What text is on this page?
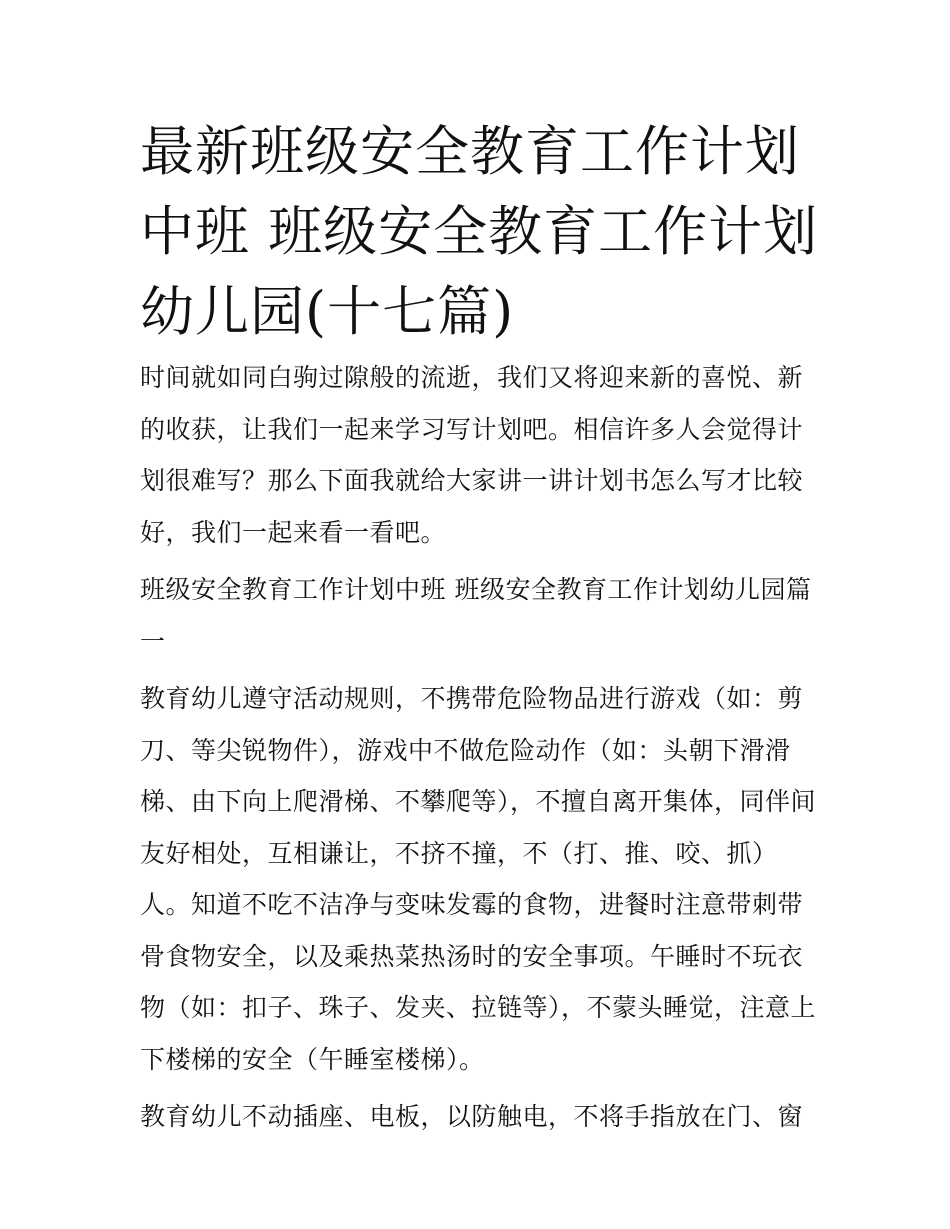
最新班级安全教育工作计划中班 班级安全教育工作计划幼儿园(十七篇)

时间就如同白驹过隙般的流逝，我们又将迎来新的喜悦、新的收获，让我们一起来学习写计划吧。相信许多人会觉得计划很难写？那么下面我就给大家讲一讲计划书怎么写才比较好，我们一起来看一看吧。

班级安全教育工作计划中班 班级安全教育工作计划幼儿园篇一

教育幼儿遵守活动规则，不携带危险物品进行游戏（如：剪刀、等尖锐物件），游戏中不做危险动作（如：头朝下滑滑梯、由下向上爬滑梯、不攀爬等），不擅自离开集体，同伴间友好相处，互相谦让，不挤不撞，不（打、推、咬、抓）人。知道不吃不洁净与变味发霉的食物，进餐时注意带刺带骨食物安全，以及乘热菜热汤时的安全事项。午睡时不玩衣物（如：扣子、珠子、发夹、拉链等），不蒙头睡觉，注意上下楼梯的安全（午睡室楼梯）。

教育幼儿不动插座、电板，以防触电，不将手指放在门、窗
